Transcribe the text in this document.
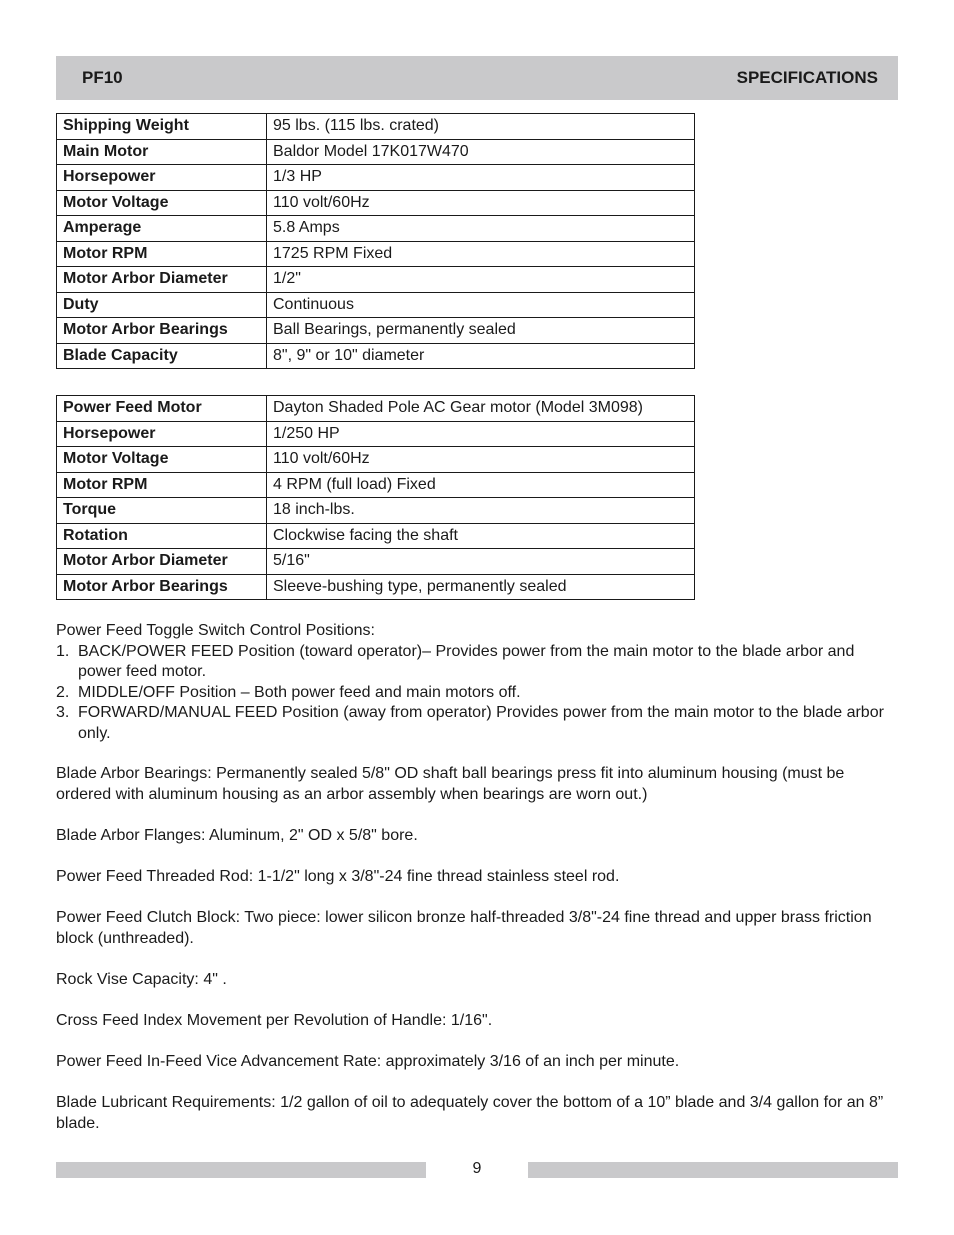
PF10	SPECIFICATIONS
Shipping Weight	95 lbs. (115 lbs. crated)
Main Motor	Baldor Model 17K017W470
Horsepower	1/3 HP
Motor Voltage	110 volt/60Hz
Amperage	5.8 Amps
Motor RPM	1725 RPM Fixed
Motor Arbor Diameter	1/2"
Duty	Continuous
Motor Arbor Bearings	Ball Bearings, permanently sealed
Blade Capacity	8", 9" or 10" diameter
Power Feed Motor	Dayton Shaded Pole AC Gear motor (Model 3M098)
Horsepower	1/250 HP
Motor Voltage	110 volt/60Hz
Motor RPM	4 RPM (full load) Fixed
Torque	18 inch-lbs.
Rotation	Clockwise facing the shaft
Motor Arbor Diameter	5/16"
Motor Arbor Bearings	Sleeve-bushing type, permanently sealed

Power Feed Toggle Switch Control Positions:

1. BACK/POWER FEED Position (toward operator)– Provides power from the main motor to the blade arbor and power feed motor.
2. MIDDLE/OFF Position – Both power feed and main motors off.
3. FORWARD/MANUAL FEED Position (away from operator) Provides power from the main motor to the blade arbor only.

Blade Arbor Bearings: Permanently sealed 5/8" OD shaft ball bearings press fit into aluminum housing (must be ordered with aluminum housing as an arbor assembly when bearings are worn out.)

Blade Arbor Flanges: Aluminum, 2" OD x 5/8" bore.

Power Feed Threaded Rod: 1-1/2" long x 3/8"-24 fine thread stainless steel rod.

Power Feed Clutch Block: Two piece: lower silicon bronze half-threaded 3/8"-24 fine thread and upper brass friction block (unthreaded).

Rock Vise Capacity: 4" .

Cross Feed Index Movement per Revolution of Handle: 1/16".

Power Feed In-Feed Vice Advancement Rate: approximately 3/16 of an inch per minute.

Blade Lubricant Requirements: 1/2 gallon of oil to adequately cover the bottom of a 10” blade and 3/4 gallon for an 8” blade.

9
